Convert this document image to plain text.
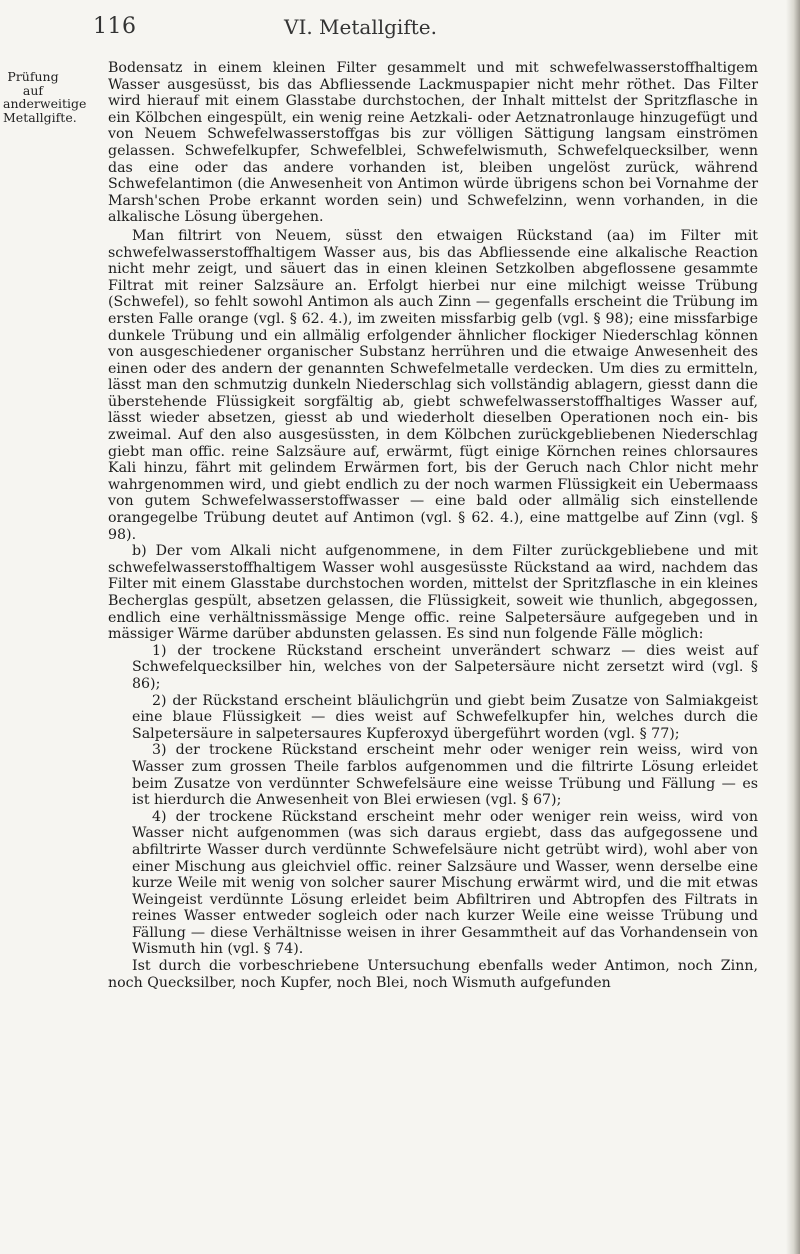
116	VI. Metallgifte.
Prüfung auf anderweitige Metallgifte.

Bodensatz in einem kleinen Filter gesammelt und mit schwefelwasserstoffhaltigem Wasser ausgesüsst, bis das Abfliessende Lackmuspapier nicht mehr röthet. Das Filter wird hierauf mit einem Glasstabe durchstochen, der Inhalt mittelst der Spritzflasche in ein Kölbchen eingespült, ein wenig reine Aetzkali- oder Aetznatronlauge hinzugefügt und von Neuem Schwefelwasserstoffgas bis zur völligen Sättigung langsam einströmen gelassen. Schwefelkupfer, Schwefelblei, Schwefelwismuth, Schwefelquecksilber, wenn das eine oder das andere vorhanden ist, bleiben ungelöst zurück, während Schwefelantimon (die Anwesenheit von Antimon würde übrigens schon bei Vornahme der Marsh'schen Probe erkannt worden sein) und Schwefelzinn, wenn vorhanden, in die alkalische Lösung übergehen.

Man filtrirt von Neuem, süsst den etwaigen Rückstand (aa) im Filter mit schwefelwasserstoffhaltigem Wasser aus, bis das Abfliessende eine alkalische Reaction nicht mehr zeigt, und säuert das in einen kleinen Setzkolben abgeflossene gesammte Filtrat mit reiner Salzsäure an. Erfolgt hierbei nur eine milchigt weisse Trübung (Schwefel), so fehlt sowohl Antimon als auch Zinn — gegenfalls erscheint die Trübung im ersten Falle orange (vgl. § 62. 4.), im zweiten missfarbig gelb (vgl. § 98); eine missfarbige dunkele Trübung und ein allmälig erfolgender ähnlicher flockiger Niederschlag können von ausgeschiedener organischer Substanz herrühren und die etwaige Anwesenheit des einen oder des andern der genannten Schwefelmetalle verdecken. Um dies zu ermitteln, lässt man den schmutzig dunkeln Niederschlag sich vollständig ablagern, giesst dann die überstehende Flüssigkeit sorgfältig ab, giebt schwefelwasserstoffhaltiges Wasser auf, lässt wieder absetzen, giesst ab und wiederholt dieselben Operationen noch ein- bis zweimal. Auf den also ausgesüssten, in dem Kölbchen zurückgebliebenen Niederschlag giebt man offic. reine Salzsäure auf, erwärmt, fügt einige Körnchen reines chlorsaures Kali hinzu, fährt mit gelindem Erwärmen fort, bis der Geruch nach Chlor nicht mehr wahrgenommen wird, und giebt endlich zu der noch warmen Flüssigkeit ein Uebermaass von gutem Schwefelwasserstoffwasser — eine bald oder allmälig sich einstellende orangegelbe Trübung deutet auf Antimon (vgl. § 62. 4.), eine mattgelbe auf Zinn (vgl. § 98).

b) Der vom Alkali nicht aufgenommene, in dem Filter zurückgebliebene und mit schwefelwasserstoffhaltigem Wasser wohl ausgesüsste Rückstand aa wird, nachdem das Filter mit einem Glasstabe durchstochen worden, mittelst der Spritzflasche in ein kleines Becherglas gespült, absetzen gelassen, die Flüssigkeit, soweit wie thunlich, abgegossen, endlich eine verhältnissmässige Menge offic. reine Salpetersäure aufgegeben und in mässiger Wärme darüber abdunsten gelassen. Es sind nun folgende Fälle möglich:

1) der trockene Rückstand erscheint unverändert schwarz — dies weist auf Schwefelquecksilber hin, welches von der Salpetersäure nicht zersetzt wird (vgl. § 86);

2) der Rückstand erscheint bläulichgrün und giebt beim Zusatze von Salmiakgeist eine blaue Flüssigkeit — dies weist auf Schwefelkupfer hin, welches durch die Salpetersäure in salpetersaures Kupferoxyd übergeführt worden (vgl. § 77);

3) der trockene Rückstand erscheint mehr oder weniger rein weiss, wird von Wasser zum grossen Theile farblos aufgenommen und die filtrirte Lösung erleidet beim Zusatze von verdünnter Schwefelsäure eine weisse Trübung und Fällung — es ist hierdurch die Anwesenheit von Blei erwiesen (vgl. § 67);

4) der trockene Rückstand erscheint mehr oder weniger rein weiss, wird von Wasser nicht aufgenommen (was sich daraus ergiebt, dass das aufgegossene und abfiltrirte Wasser durch verdünnte Schwefelsäure nicht getrübt wird), wohl aber von einer Mischung aus gleichviel offic. reiner Salzsäure und Wasser, wenn derselbe eine kurze Weile mit wenig von solcher saurer Mischung erwärmt wird, und die mit etwas Weingeist verdünnte Lösung erleidet beim Abfiltriren und Abtropfen des Filtrats in reines Wasser entweder sogleich oder nach kurzer Weile eine weisse Trübung und Fällung — diese Verhältnisse weisen in ihrer Gesammtheit auf das Vorhandensein von Wismuth hin (vgl. § 74).

Ist durch die vorbeschriebene Untersuchung ebenfalls weder Antimon, noch Zinn, noch Quecksilber, noch Kupfer, noch Blei, noch Wismuth aufgefunden
